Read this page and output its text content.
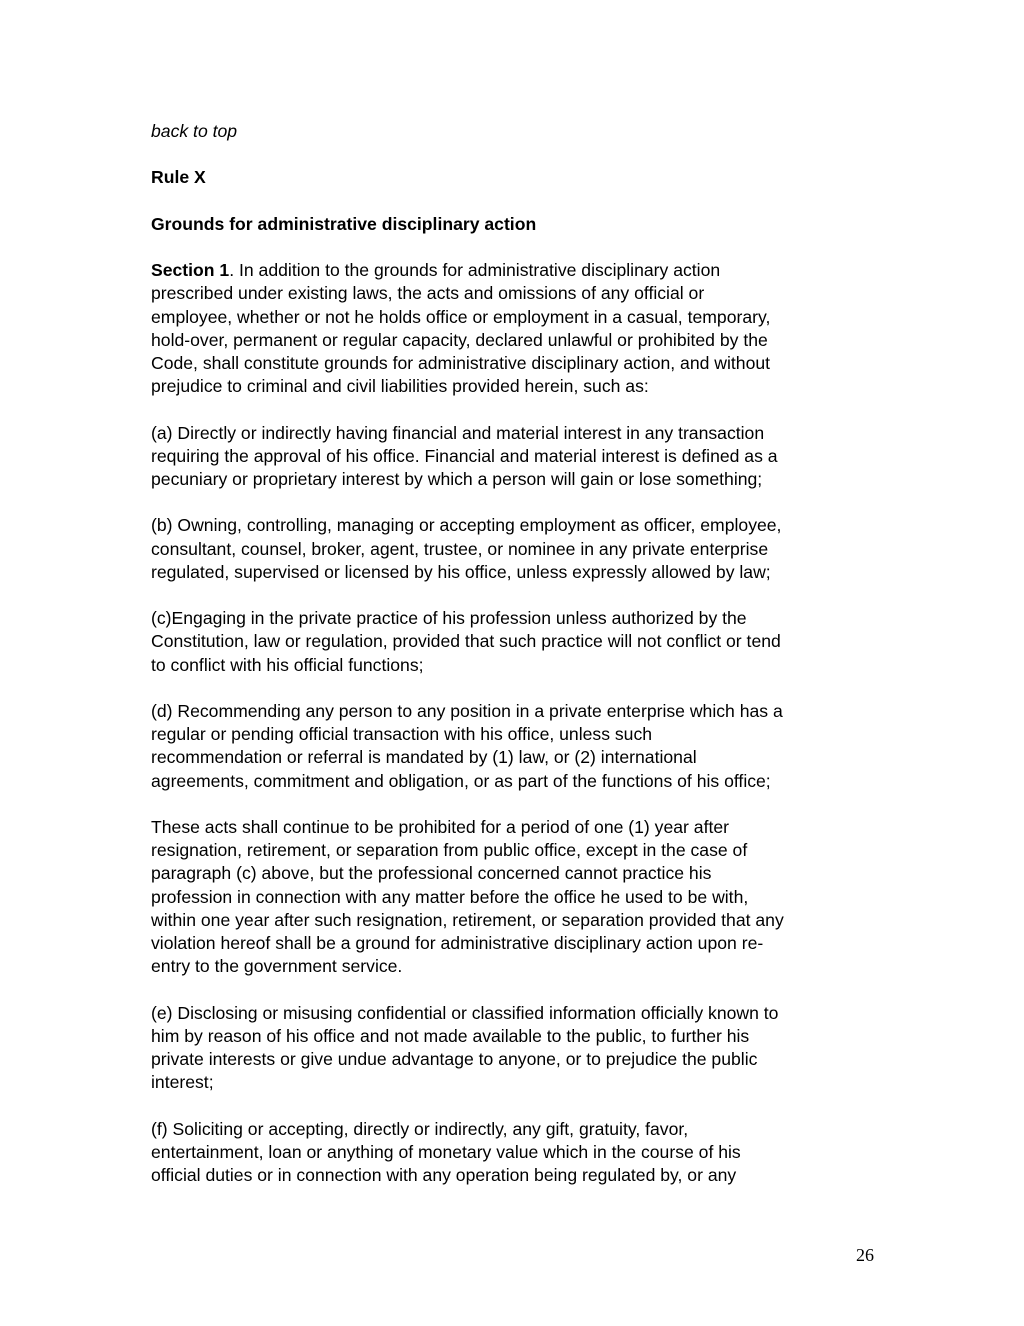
back to top

Rule X

Grounds for administrative disciplinary action

Section 1. In addition to the grounds for administrative disciplinary action
prescribed under existing laws, the acts and omissions of any official or
employee, whether or not he holds office or employment in a casual, temporary,
hold-over, permanent or regular capacity, declared unlawful or prohibited by the
Code, shall constitute grounds for administrative disciplinary action, and without
prejudice to criminal and civil liabilities provided herein, such as:

(a) Directly or indirectly having financial and material interest in any transaction
requiring the approval of his office. Financial and material interest is defined as a
pecuniary or proprietary interest by which a person will gain or lose something;

(b) Owning, controlling, managing or accepting employment as officer, employee,
consultant, counsel, broker, agent, trustee, or nominee in any private enterprise
regulated, supervised or licensed by his office, unless expressly allowed by law;

(c)Engaging in the private practice of his profession unless authorized by the
Constitution, law or regulation, provided that such practice will not conflict or tend
to conflict with his official functions;

(d) Recommending any person to any position in a private enterprise which has a
regular or pending official transaction with his office, unless such
recommendation or referral is mandated by (1) law, or (2) international
agreements, commitment and obligation, or as part of the functions of his office;

These acts shall continue to be prohibited for a period of one (1) year after
resignation, retirement, or separation from public office, except in the case of
paragraph (c) above, but the professional concerned cannot practice his
profession in connection with any matter before the office he used to be with,
within one year after such resignation, retirement, or separation provided that any
violation hereof shall be a ground for administrative disciplinary action upon re-
entry to the government service.

(e) Disclosing or misusing confidential or classified information officially known to
him by reason of his office and not made available to the public, to further his
private interests or give undue advantage to anyone, or to prejudice the public
interest;

(f) Soliciting or accepting, directly or indirectly, any gift, gratuity, favor,
entertainment, loan or anything of monetary value which in the course of his
official duties or in connection with any operation being regulated by, or any

26
